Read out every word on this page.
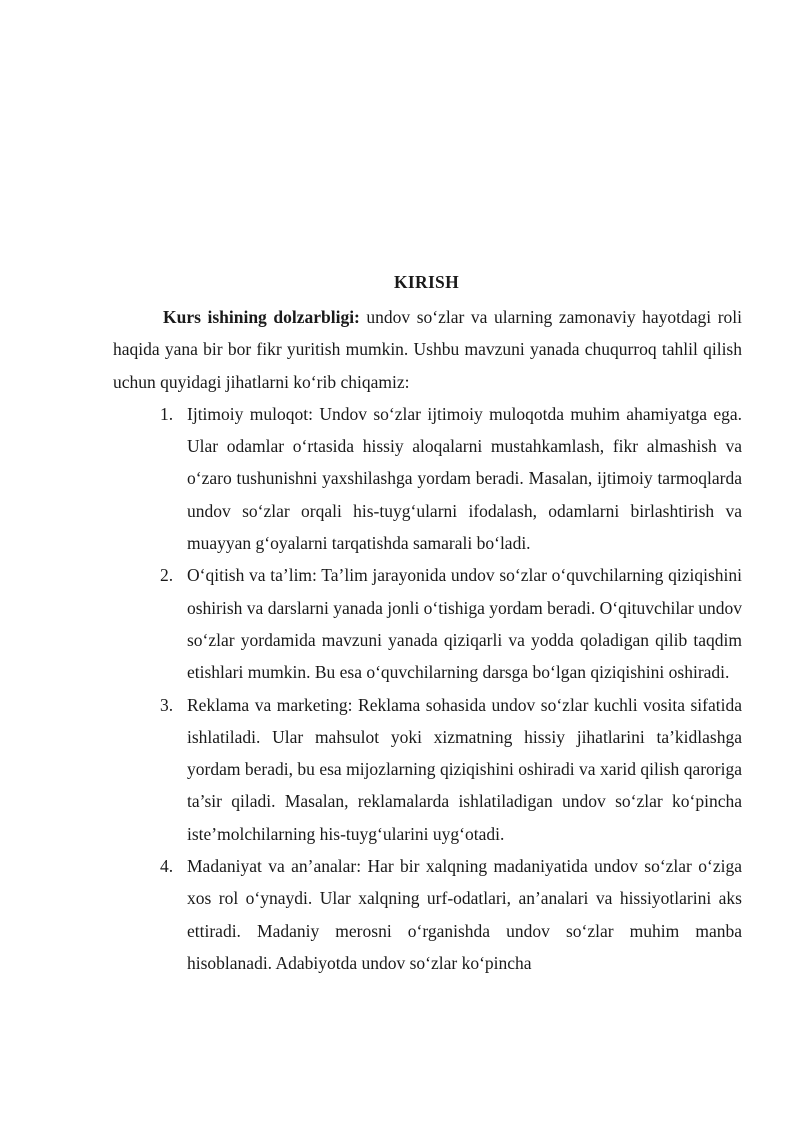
KIRISH

Kurs ishining dolzarbligi: undov so‘zlar va ularning zamonaviy hayotdagi roli haqida yana bir bor fikr yuritish mumkin. Ushbu mavzuni yanada chuqurroq tahlil qilish uchun quyidagi jihatlarni ko‘rib chiqamiz:

1. Ijtimoiy muloqot: Undov so‘zlar ijtimoiy muloqotda muhim ahamiyatga ega. Ular odamlar o‘rtasida hissiy aloqalarni mustahkamlash, fikr almashish va o‘zaro tushunishni yaxshilashga yordam beradi. Masalan, ijtimoiy tarmoqlarda undov so‘zlar orqali his-tuyg‘ularni ifodalash, odamlarni birlashtirish va muayyan g‘oyalarni tarqatishda samarali bo‘ladi.
2. O‘qitish va ta’lim: Ta’lim jarayonida undov so‘zlar o‘quvchilarning qiziqishini oshirish va darslarni yanada jonli o‘tishiga yordam beradi. O‘qituvchilar undov so‘zlar yordamida mavzuni yanada qiziqarli va yodda qoladigan qilib taqdim etishlari mumkin. Bu esa o‘quvchilarning darsga bo‘lgan qiziqishini oshiradi.
3. Reklama va marketing: Reklama sohasida undov so‘zlar kuchli vosita sifatida ishlatiladi. Ular mahsulot yoki xizmatning hissiy jihatlarini ta’kidlashga yordam beradi, bu esa mijozlarning qiziqishini oshiradi va xarid qilish qaroriga ta’sir qiladi. Masalan, reklamalarda ishlatiladigan undov so‘zlar ko‘pincha iste’molchilarning his-tuyg‘ularini uyg‘otadi.
4. Madaniyat va an’analar: Har bir xalqning madaniyatida undov so‘zlar o‘ziga xos rol o‘ynaydi. Ular xalqning urf-odatlari, an’analari va hissiyotlarini aks ettiradi. Madaniy merosni o‘rganishda undov so‘zlar muhim manba hisoblanadi. Adabiyotda undov so‘zlar ko‘pincha
